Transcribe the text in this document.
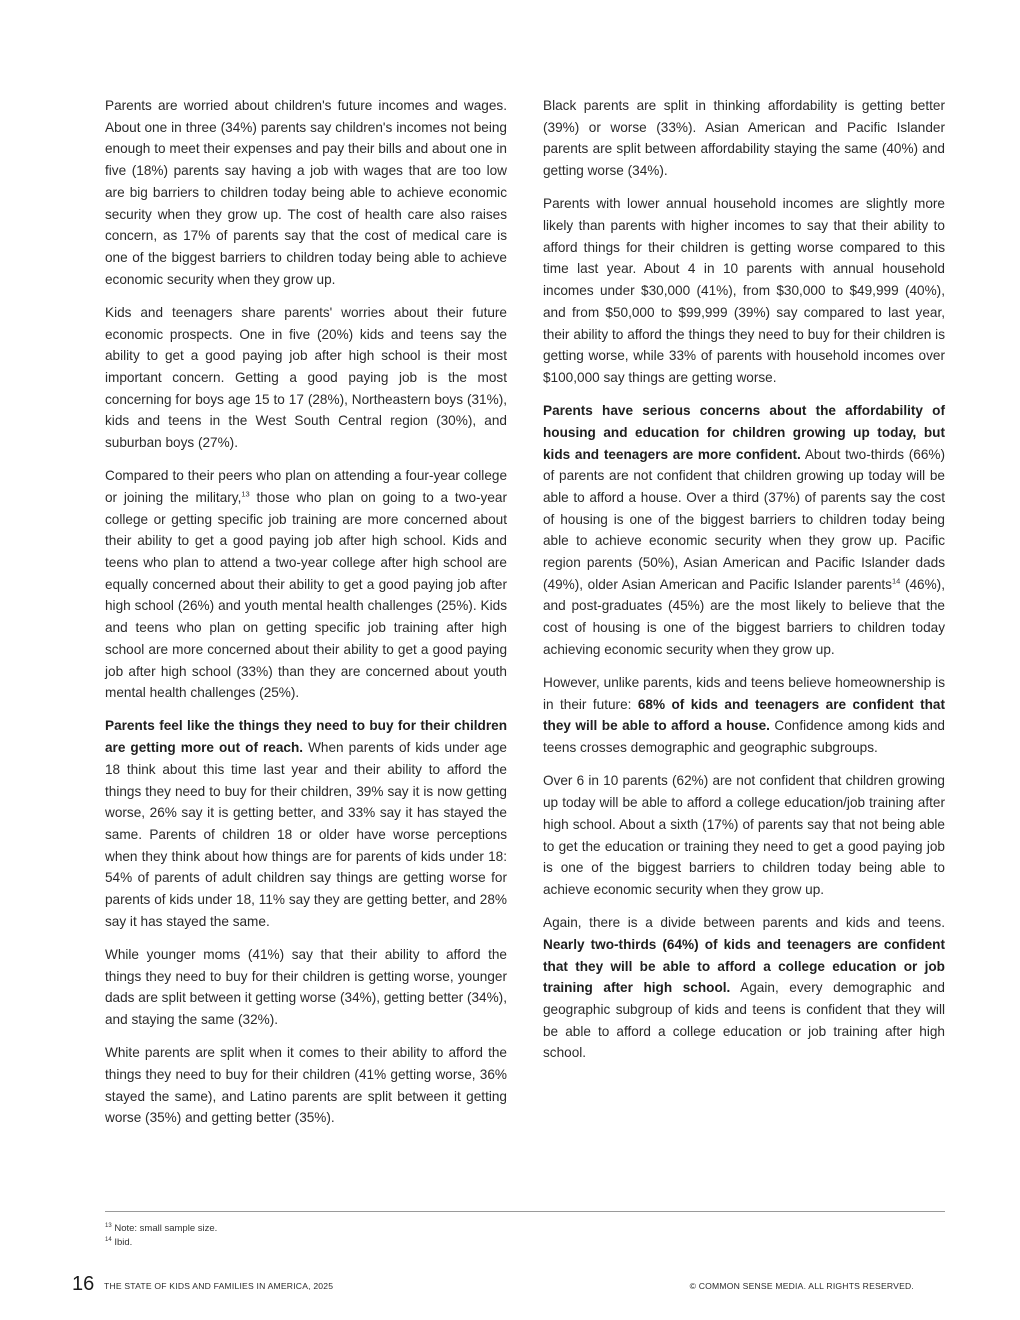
Parents are worried about children's future incomes and wages. About one in three (34%) parents say children's incomes not being enough to meet their expenses and pay their bills and about one in five (18%) parents say having a job with wages that are too low are big barriers to children today being able to achieve economic security when they grow up. The cost of health care also raises concern, as 17% of parents say that the cost of medical care is one of the biggest barriers to children today being able to achieve economic security when they grow up.

Kids and teenagers share parents' worries about their future economic prospects. One in five (20%) kids and teens say the ability to get a good paying job after high school is their most important concern. Getting a good paying job is the most concerning for boys age 15 to 17 (28%), Northeastern boys (31%), kids and teens in the West South Central region (30%), and suburban boys (27%).

Compared to their peers who plan on attending a four-year college or joining the military,$^{13}$ those who plan on going to a two-year college or getting specific job training are more concerned about their ability to get a good paying job after high school. Kids and teens who plan to attend a two-year college after high school are equally concerned about their ability to get a good paying job after high school (26%) and youth mental health challenges (25%). Kids and teens who plan on getting specific job training after high school are more concerned about their ability to get a good paying job after high school (33%) than they are concerned about youth mental health challenges (25%).

Parents feel like the things they need to buy for their children are getting more out of reach. When parents of kids under age 18 think about this time last year and their ability to afford the things they need to buy for their children, 39% say it is now getting worse, 26% say it is getting better, and 33% say it has stayed the same. Parents of children 18 or older have worse perceptions when they think about how things are for parents of kids under 18: 54% of parents of adult children say things are getting worse for parents of kids under 18, 11% say they are getting better, and 28% say it has stayed the same.

While younger moms (41%) say that their ability to afford the things they need to buy for their children is getting worse, younger dads are split between it getting worse (34%), getting better (34%), and staying the same (32%).

White parents are split when it comes to their ability to afford the things they need to buy for their children (41% getting worse, 36% stayed the same), and Latino parents are split between it getting worse (35%) and getting better (35%).

Black parents are split in thinking affordability is getting better (39%) or worse (33%). Asian American and Pacific Islander parents are split between affordability staying the same (40%) and getting worse (34%).

Parents with lower annual household incomes are slightly more likely than parents with higher incomes to say that their ability to afford things for their children is getting worse compared to this time last year. About 4 in 10 parents with annual household incomes under $30,000 (41%), from $30,000 to $49,999 (40%), and from $50,000 to $99,999 (39%) say compared to last year, their ability to afford the things they need to buy for their children is getting worse, while 33% of parents with household incomes over $100,000 say things are getting worse.

Parents have serious concerns about the affordability of housing and education for children growing up today, but kids and teenagers are more confident. About two-thirds (66%) of parents are not confident that children growing up today will be able to afford a house. Over a third (37%) of parents say the cost of housing is one of the biggest barriers to children today being able to achieve economic security when they grow up. Pacific region parents (50%), Asian American and Pacific Islander dads (49%), older Asian American and Pacific Islander parents$^{14}$ (46%), and post-graduates (45%) are the most likely to believe that the cost of housing is one of the biggest barriers to children today achieving economic security when they grow up.

However, unlike parents, kids and teens believe homeownership is in their future: 68% of kids and teenagers are confident that they will be able to afford a house. Confidence among kids and teens crosses demographic and geographic subgroups.

Over 6 in 10 parents (62%) are not confident that children growing up today will be able to afford a college education/job training after high school. About a sixth (17%) of parents say that not being able to get the education or training they need to get a good paying job is one of the biggest barriers to children today being able to achieve economic security when they grow up.

Again, there is a divide between parents and kids and teens. Nearly two-thirds (64%) of kids and teenagers are confident that they will be able to afford a college education or job training after high school. Again, every demographic and geographic subgroup of kids and teens is confident that they will be able to afford a college education or job training after high school.

$^{13}$ Note: small sample size.
$^{14}$ Ibid.
16 THE STATE OF KIDS AND FAMILIES IN AMERICA, 2025	© COMMON SENSE MEDIA. ALL RIGHTS RESERVED.
